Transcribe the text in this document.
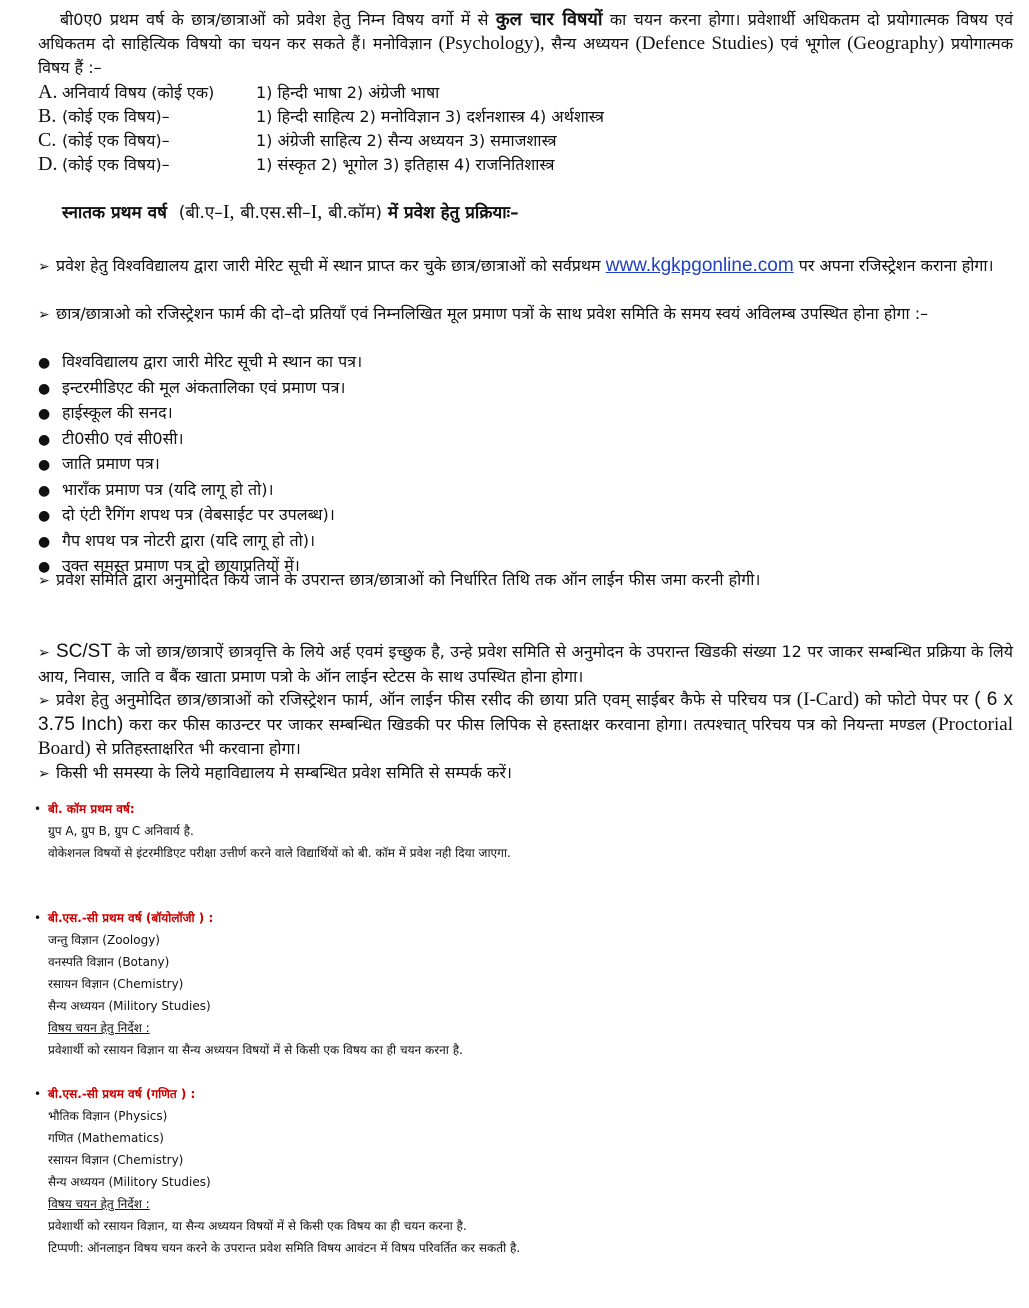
बी0ए0 प्रथम वर्ष के छात्र/छात्राओं को प्रवेश हेतु निम्न विषय वर्गो में से कुल चार विषयों का चयन करना होगा। प्रवेशार्थी अधिकतम दो प्रयोगात्मक विषय एवं अधिकतम दो साहित्यिक विषयो का चयन कर सकते हैं। मनोविज्ञान (Psychology), सैन्य अध्ययन (Defence Studies) एवं भूगोल (Geography) प्रयोगात्मक विषय हैं :–
A. अनिवार्य विषय (कोई एक)	1) हिन्दी भाषा 2) अंग्रेजी भाषा
B. (कोई एक विषय)–	1) हिन्दी साहित्य 2) मनोविज्ञान 3) दर्शनशास्त्र 4) अर्थशास्त्र
C. (कोई एक विषय)–	1) अंग्रेजी साहित्य 2) सैन्य अध्ययन 3) समाजशास्त्र
D. (कोई एक विषय)–	1) संस्कृत 2) भूगोल 3) इतिहास 4) राजनितिशास्त्र
स्नातक प्रथम वर्ष (बी.ए–I, बी.एस.सी–I, बी.कॉम) में प्रवेश हेतु प्रक्रियाः–
➢ प्रवेश हेतु विश्वविद्यालय द्वारा जारी मेरिट सूची में स्थान प्राप्त कर चुके छात्र/छात्राओं को सर्वप्रथम www.kgkpgonline.com पर अपना रजिस्ट्रेशन कराना होगा।
➢ छात्र/छात्राओ को रजिस्ट्रेशन फार्म की दो–दो प्रतियॉं एवं निम्नलिखित मूल प्रमाण पत्रों के साथ प्रवेश समिति के समय स्वयं अविलम्ब उपस्थित होना होगा :–
● विश्वविद्यालय द्वारा जारी मेरिट सूची मे स्थान का पत्र।
● इन्टरमीडिएट की मूल अंकतालिका एवं प्रमाण पत्र।
● हाईस्कूल की सनद।
● टी0सी0 एवं सी0सी।
● जाति प्रमाण पत्र।
● भारॉंक प्रमाण पत्र (यदि लागू हो तो)।
● दो एंटी रैगिंग शपथ पत्र (वेबसाईट पर उपलब्ध)।
● गैप शपथ पत्र नोटरी द्वारा (यदि लागू हो तो)।
● उक्त समस्त प्रमाण पत्र दो छायाप्रतियों में।
➢ प्रवेश समिति द्वारा अनुमोदित किये जाने के उपरान्त छात्र/छात्राओं को निर्धारित तिथि तक ऑन लाईन फीस जमा करनी होगी।
➢ SC/ST के जो छात्र/छात्राऐं छात्रवृत्ति के लिये अर्ह एवमं इच्छुक है, उन्हे प्रवेश समिति से अनुमोदन के उपरान्त खिडकी संख्या 12 पर जाकर सम्बन्धित प्रक्रिया के लिये आय, निवास, जाति व बैंक खाता प्रमाण पत्रो के ऑन लाईन स्टेटस के साथ उपस्थित होना होगा।
➢ प्रवेश हेतु अनुमोदित छात्र/छात्राओं को रजिस्ट्रेशन फार्म, ऑन लाईन फीस रसीद की छाया प्रति एवम् साईबर कैफे से परिचय पत्र (I-Card) को फोटो पेपर पर ( 6 x 3.75 Inch) करा कर फीस काउन्टर पर जाकर सम्बन्धित खिडकी पर फीस लिपिक से हस्ताक्षर करवाना होगा। तत्पश्चात् परिचय पत्र को नियन्ता मण्डल (Proctorial Board) से प्रतिहस्ताक्षरित भी करवाना होगा।
➢ किसी भी समस्या के लिये महाविद्यालय मे सम्बन्धित प्रवेश समिति से सम्पर्क करें।
• बी. कॉम प्रथम वर्ष:
ग्रुप A, ग्रुप B, ग्रुप C अनिवार्य है.
वोकेशनल विषयों से इंटरमीडिएट परीक्षा उत्तीर्ण करने वाले विद्यार्थियों को बी. कॉम में प्रवेश नही दिया जाएगा.
• बी.एस.-सी प्रथम वर्ष (बॉयोलॉजी ) :
जन्तु विज्ञान (Zoology)
वनस्पति विज्ञान (Botany)
रसायन विज्ञान (Chemistry)
सैन्य अध्ययन (Militory Studies)
विषय चयन हेतु निर्देश :
प्रवेशार्थी को रसायन विज्ञान या सैन्य अध्ययन विषयों में से किसी एक विषय का ही चयन करना है.
• बी.एस.-सी प्रथम वर्ष (गणित ) :
भौतिक विज्ञान (Physics)
गणित (Mathematics)
रसायन विज्ञान (Chemistry)
सैन्य अध्ययन (Militory Studies)
विषय चयन हेतु निर्देश :
प्रवेशार्थी को रसायन विज्ञान, या सैन्य अध्ययन विषयों में से किसी एक विषय का ही चयन करना है.
टिप्पणी: ऑनलाइन विषय चयन करने के उपरान्त प्रवेश समिति विषय आवंटन में विषय परिवर्तित कर सकती है.
